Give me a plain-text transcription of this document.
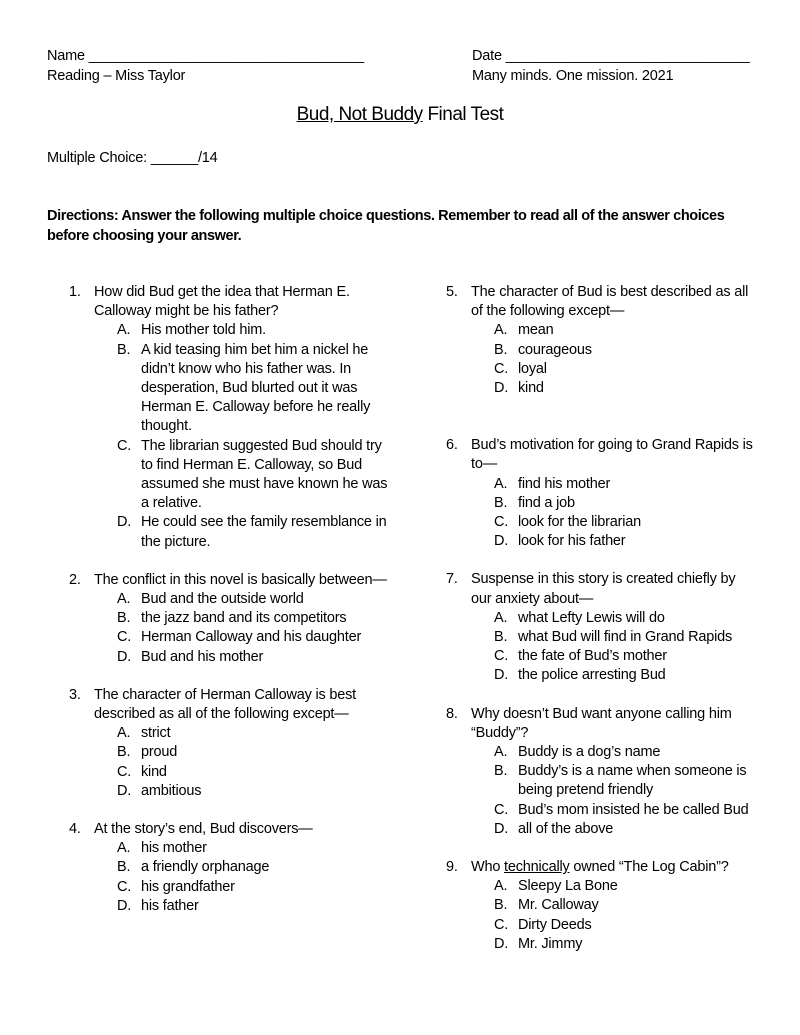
Name ___________________________________
Reading – Miss Taylor
Date _______________________________
Many minds. One mission. 2021
Bud, Not Buddy Final Test
Multiple Choice: ______/14
Directions: Answer the following multiple choice questions. Remember to read all of the answer choices before choosing your answer.
1. How did Bud get the idea that Herman E. Calloway might be his father?
A. His mother told him.
B. A kid teasing him bet him a nickel he didn’t know who his father was. In desperation, Bud blurted out it was Herman E. Calloway before he really thought.
C. The librarian suggested Bud should try to find Herman E. Calloway, so Bud assumed she must have known he was a relative.
D. He could see the family resemblance in the picture.
2. The conflict in this novel is basically between—
A. Bud and the outside world
B. the jazz band and its competitors
C. Herman Calloway and his daughter
D. Bud and his mother
3. The character of Herman Calloway is best described as all of the following except—
A. strict
B. proud
C. kind
D. ambitious
4. At the story’s end, Bud discovers—
A. his mother
B. a friendly orphanage
C. his grandfather
D. his father
5. The character of Bud is best described as all of the following except—
A. mean
B. courageous
C. loyal
D. kind
6. Bud’s motivation for going to Grand Rapids is to—
A. find his mother
B. find a job
C. look for the librarian
D. look for his father
7. Suspense in this story is created chiefly by our anxiety about—
A. what Lefty Lewis will do
B. what Bud will find in Grand Rapids
C. the fate of Bud’s mother
D. the police arresting Bud
8. Why doesn’t Bud want anyone calling him “Buddy”?
A. Buddy is a dog’s name
B. Buddy’s is a name when someone is being pretend friendly
C. Bud’s mom insisted he be called Bud
D. all of the above
9. Who technically owned “The Log Cabin”?
A. Sleepy La Bone
B. Mr. Calloway
C. Dirty Deeds
D. Mr. Jimmy
